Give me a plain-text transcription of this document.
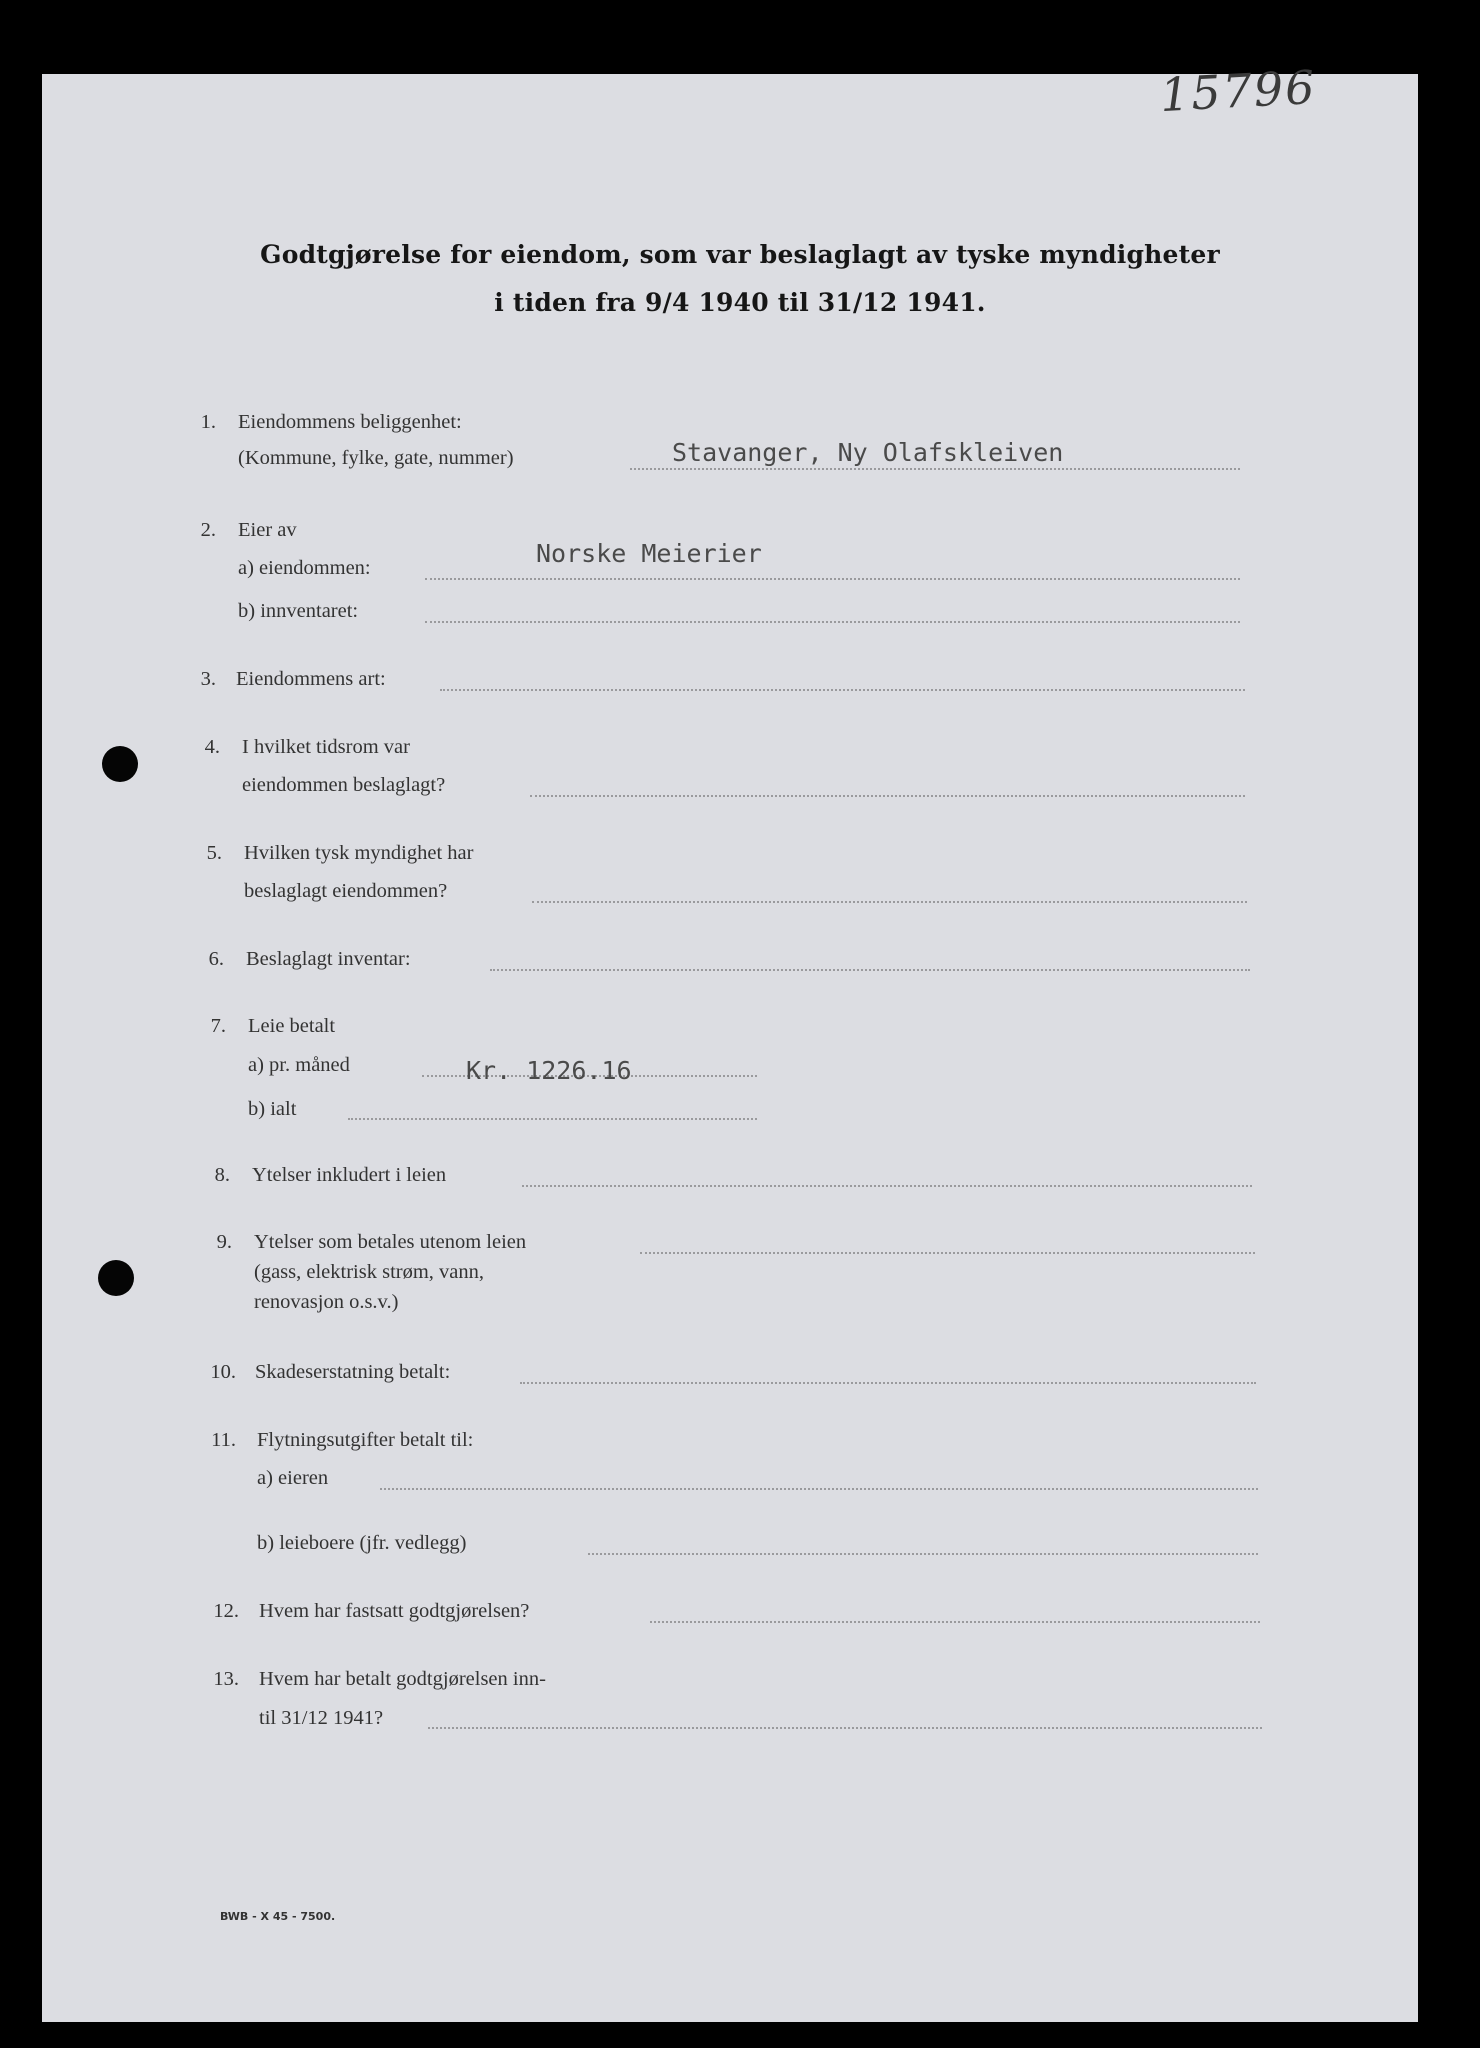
15796
Godtgjørelse for eiendom, som var beslaglagt av tyske myndigheter
i tiden fra 9/4 1940 til 31/12 1941.
1. Eiendommens beliggenhet:
(Kommune, fylke, gate, nummer)	Stavanger, Ny Olafskleiven
2. Eier av
a) eiendommen:	Norske Meierier
b) innventaret:
3. Eiendommens art:
4. I hvilket tidsrom var
eiendommen beslaglagt?
5. Hvilken tysk myndighet har
beslaglagt eiendommen?
6. Beslaglagt inventar:
7. Leie betalt
a) pr. måned	Kr. 1226.16
b) ialt
8. Ytelser inkludert i leien
9. Ytelser som betales utenom leien
(gass, elektrisk strøm, vann,
renovasjon o.s.v.)
10. Skadeserstatning betalt:
11. Flytningsutgifter betalt til:
a) eieren
b) leieboere (jfr. vedlegg)
12. Hvem har fastsatt godtgjørelsen?
13. Hvem har betalt godtgjørelsen inn-
til 31/12 1941?
BWB - X 45 - 7500.
